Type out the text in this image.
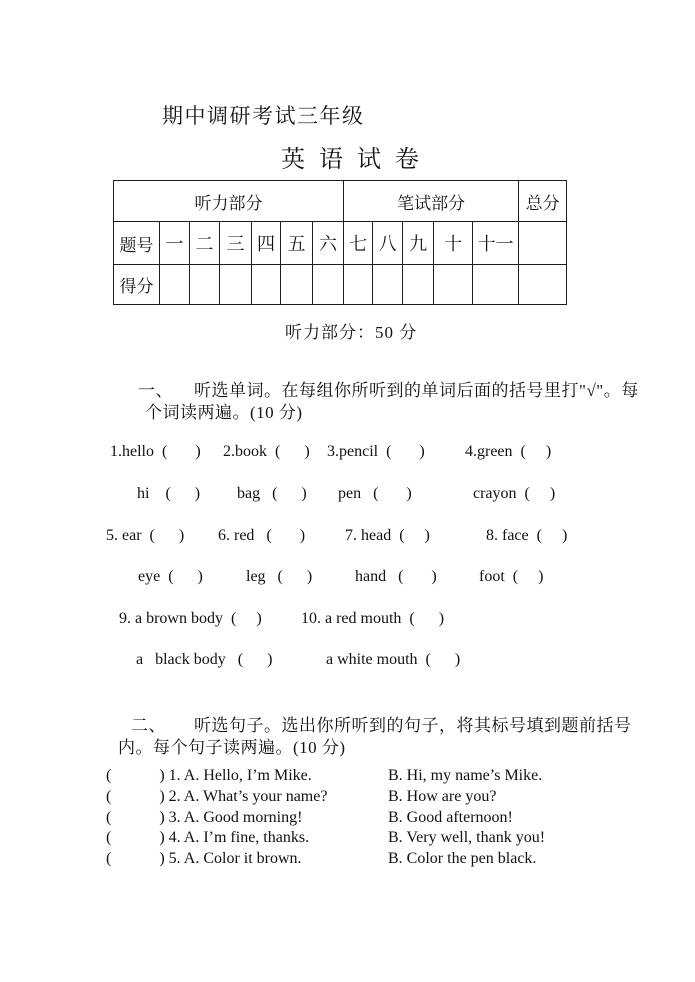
期中调研考试三年级
英 语 试 卷
听力部分							笔试部分					总分
题号	一	二	三	四	五	六	七	八	九	十	十一	
得分												
听力部分：50 分

一、 听选单词。在每组你所听到的单词后面的括号里打"√"。每

个词读两遍。(10 分)
1.hello  (       ) 2.book  (      ) 3.pencil  (       )	4.green  (     )
hi    (      ) bag   (      ) pen   (       )	crayon  (     )
5. ear  (      ) 6. red   (       ) 7. head  (     )	8. face  (     )
eye  (      )	leg   (      )	hand   (       )	foot  (     )
9. a brown body  (     ) 10. a red mouth  (      )
a   black body   (      )	a white mouth  (      )

二、 听选句子。选出你所听到的句子，将其标号填到题前括号

内。每个句子读两遍。(10 分)
(            ) 1. A. Hello, I’m Mike.	B. Hi, my name’s Mike.
(            ) 2. A. What’s your name?	B. How are you?
(            ) 3. A. Good morning!	B. Good afternoon!
(            ) 4. A. I’m fine, thanks.	B. Very well, thank you!
(            ) 5. A. Color it brown.	B. Color the pen black.
